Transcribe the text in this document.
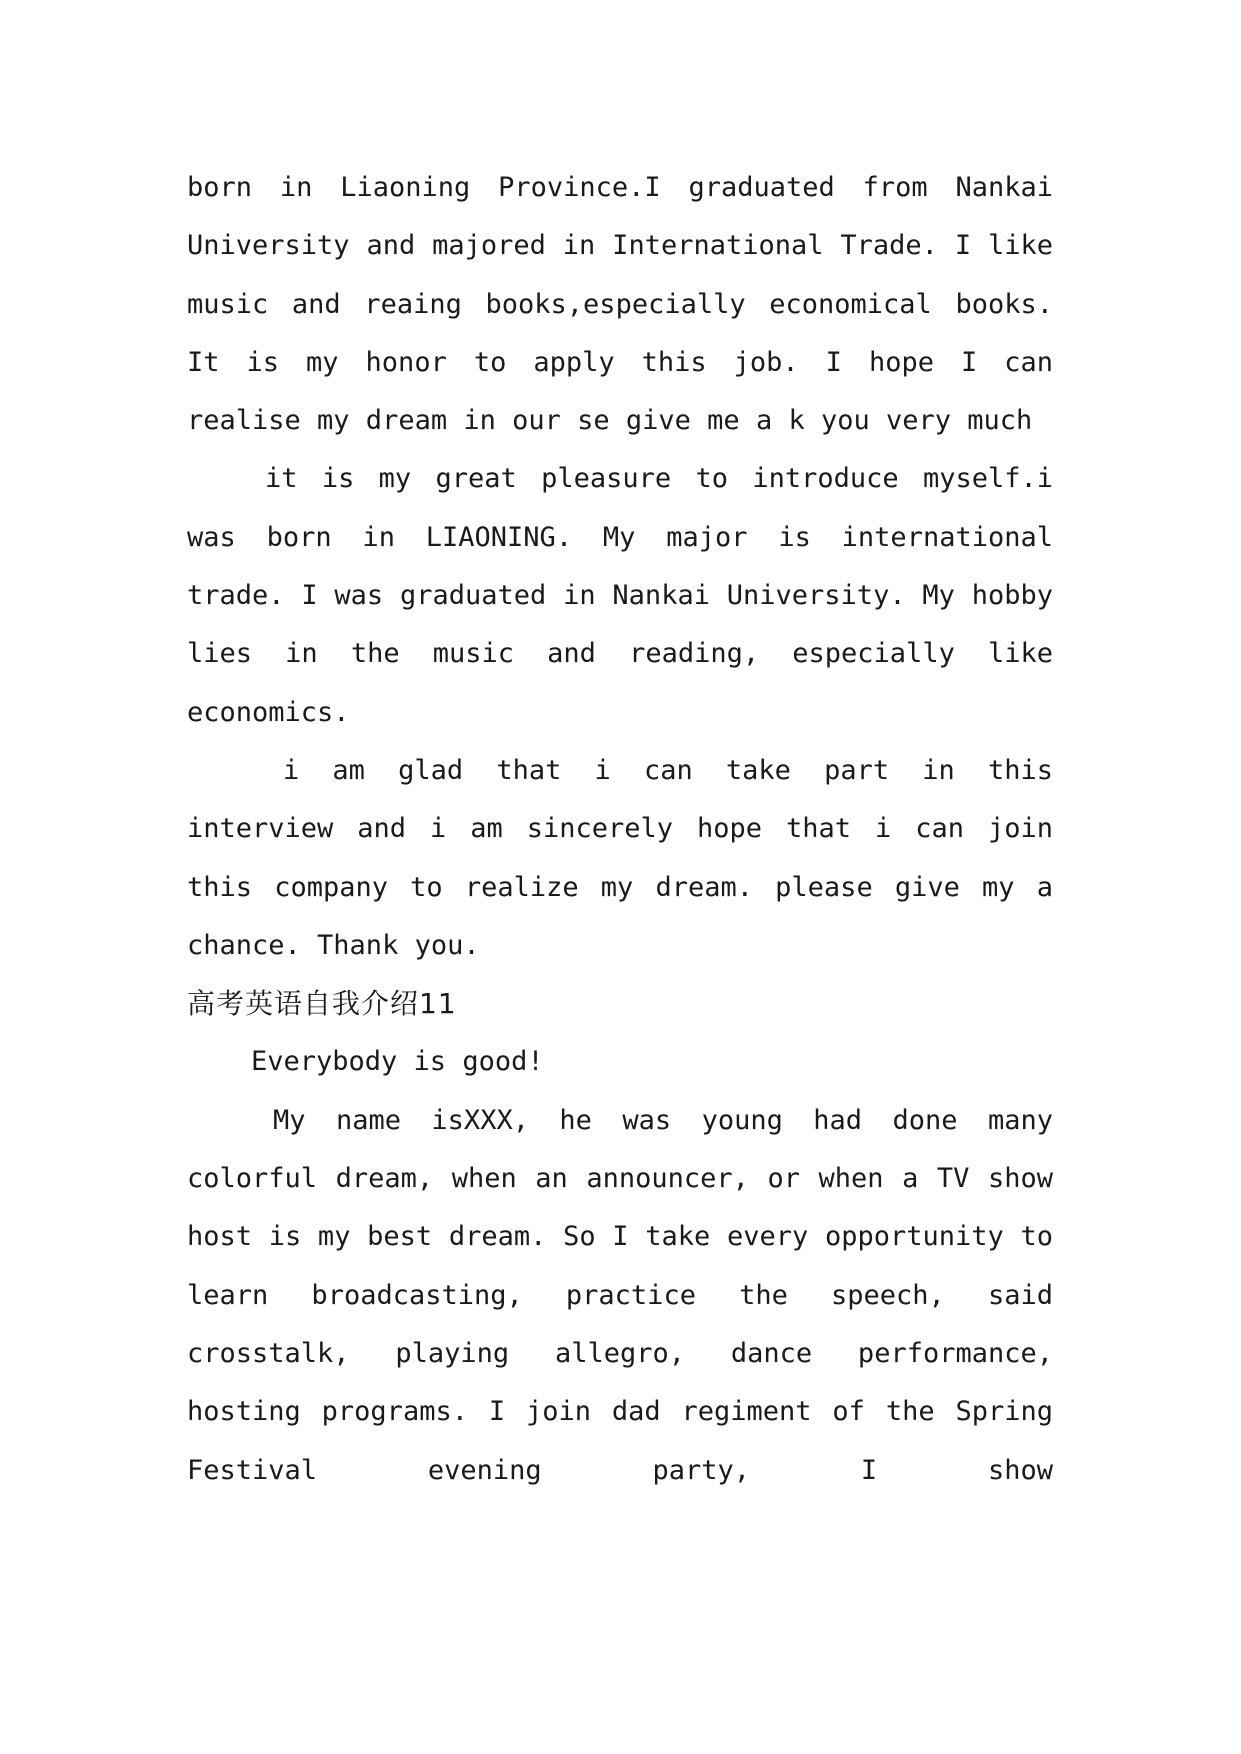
born in Liaoning Province.I graduated from Nankai University and majored in International Trade. I like music and reaing books,especially economical books. It is my honor to apply this job. I hope I can realise my dream in our se give me a k you very much

it is my great pleasure to introduce myself.i was born in LIAONING. My major is international trade. I was graduated in Nankai University. My hobby lies in the music and reading, especially like economics.

i am glad that i can take part in this interview and i am sincerely hope that i can join this company to realize my dream. please give my a chance. Thank you.

高考英语自我介绍11

Everybody is good!

My name isXXX, he was young had done many colorful dream, when an announcer, or when a TV show host is my best dream. So I take every opportunity to learn broadcasting, practice the speech, said crosstalk, playing allegro, dance performance, hosting programs. I join dad regiment of the Spring Festival evening party, I show
